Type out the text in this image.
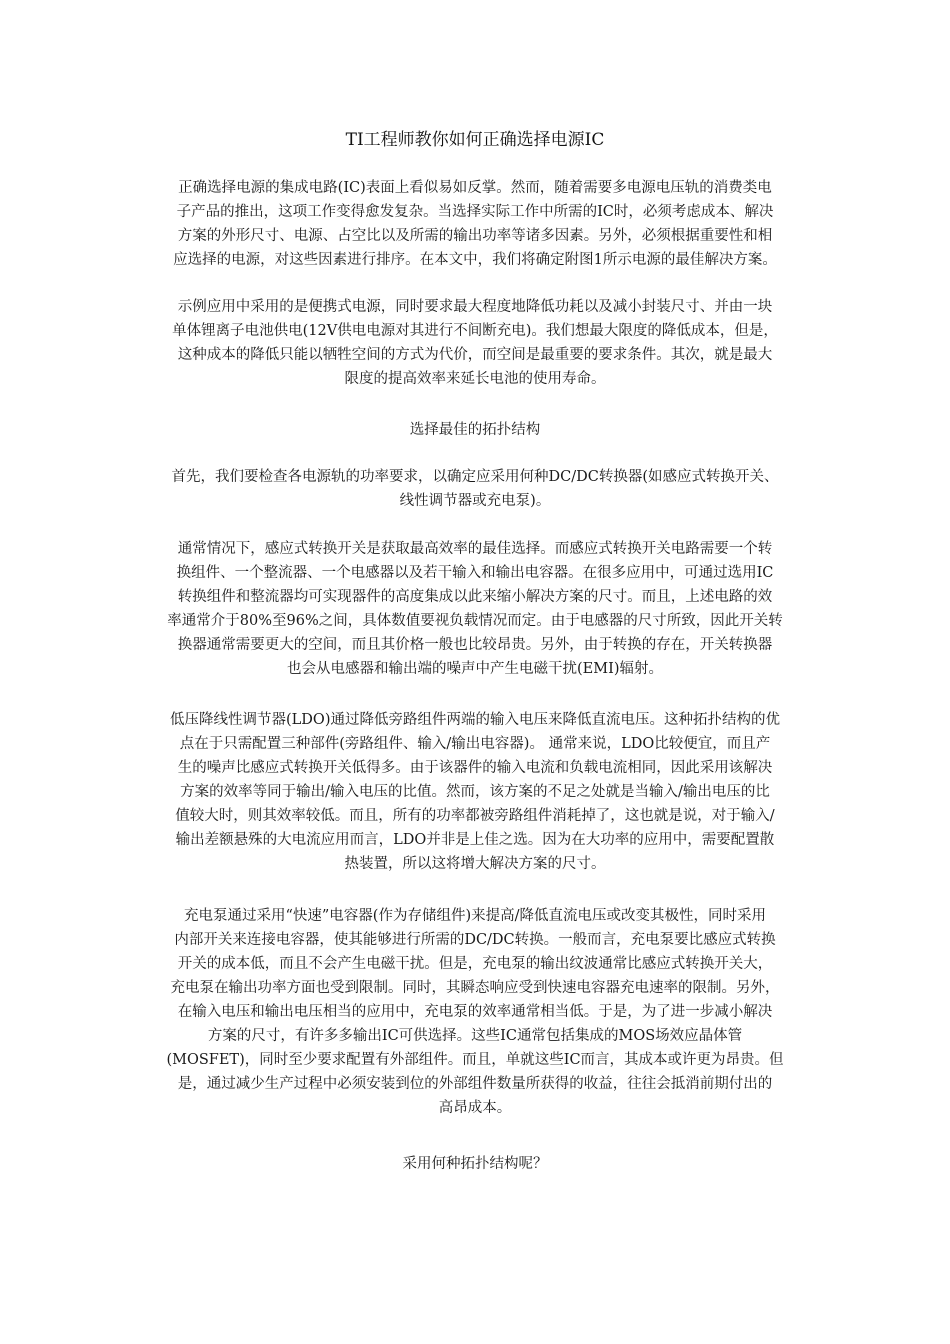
TI工程师教你如何正确选择电源IC
正确选择电源的集成电路(IC)表面上看似易如反掌。然而，随着需要多电源电压轨的消费类电
子产品的推出，这项工作变得愈发复杂。当选择实际工作中所需的IC时，必须考虑成本、解决
方案的外形尺寸、电源、占空比以及所需的输出功率等诸多因素。另外，必须根据重要性和相
应选择的电源，对这些因素进行排序。在本文中，我们将确定附图1所示电源的最佳解决方案。
示例应用中采用的是便携式电源，同时要求最大程度地降低功耗以及减小封装尺寸、并由一块
单体锂离子电池供电(12V供电电源对其进行不间断充电)。我们想最大限度的降低成本，但是，
这种成本的降低只能以牺牲空间的方式为代价，而空间是最重要的要求条件。其次，就是最大
限度的提高效率来延长电池的使用寿命。
选择最佳的拓扑结构
首先，我们要检查各电源轨的功率要求，以确定应采用何种DC/DC转换器(如感应式转换开关、
线性调节器或充电泵)。
通常情况下，感应式转换开关是获取最高效率的最佳选择。而感应式转换开关电路需要一个转
换组件、一个整流器、一个电感器以及若干输入和输出电容器。在很多应用中，可通过选用IC
转换组件和整流器均可实现器件的高度集成以此来缩小解决方案的尺寸。而且，上述电路的效
率通常介于80%至96%之间，具体数值要视负载情况而定。由于电感器的尺寸所致，因此开关转
换器通常需要更大的空间，而且其价格一般也比较昂贵。另外，由于转换的存在，开关转换器
也会从电感器和输出端的噪声中产生电磁干扰(EMI)辐射。
低压降线性调节器(LDO)通过降低旁路组件两端的输入电压来降低直流电压。这种拓扑结构的优
点在于只需配置三种部件(旁路组件、输入/输出电容器)。 通常来说，LDO比较便宜，而且产
生的噪声比感应式转换开关低得多。由于该器件的输入电流和负载电流相同，因此采用该解决
方案的效率等同于输出/输入电压的比值。然而，该方案的不足之处就是当输入/输出电压的比
值较大时，则其效率较低。而且，所有的功率都被旁路组件消耗掉了，这也就是说，对于输入/
输出差额悬殊的大电流应用而言，LDO并非是上佳之选。因为在大功率的应用中，需要配置散
热装置，所以这将增大解决方案的尺寸。
充电泵通过采用“快速”电容器(作为存储组件)来提高/降低直流电压或改变其极性，同时采用
内部开关来连接电容器，使其能够进行所需的DC/DC转换。一般而言，充电泵要比感应式转换
开关的成本低，而且不会产生电磁干扰。但是，充电泵的输出纹波通常比感应式转换开关大，
充电泵在输出功率方面也受到限制。同时，其瞬态响应受到快速电容器充电速率的限制。另外，
在输入电压和输出电压相当的应用中，充电泵的效率通常相当低。于是，为了进一步减小解决
方案的尺寸，有许多多输出IC可供选择。这些IC通常包括集成的MOS场效应晶体管
(MOSFET)，同时至少要求配置有外部组件。而且，单就这些IC而言，其成本或许更为昂贵。但
是，通过减少生产过程中必须安装到位的外部组件数量所获得的收益，往往会抵消前期付出的
高昂成本。
采用何种拓扑结构呢？
